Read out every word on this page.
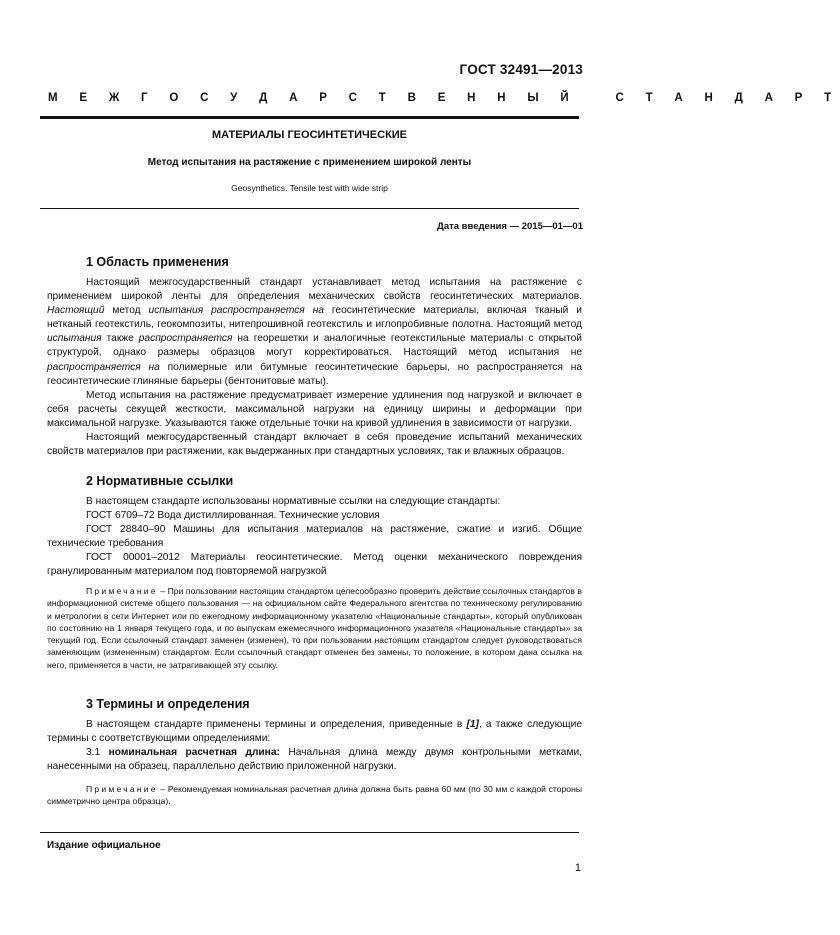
ГОСТ 32491—2013
М Е Ж Г О С У Д А Р С Т В Е Н Н Ы Й   С Т А Н Д А Р Т
МАТЕРИАЛЫ ГЕОСИНТЕТИЧЕСКИЕ
Метод испытания на растяжение с применением широкой ленты
Geosynthetics. Tensile test with wide strip
Дата введения — 2015—01—01
1 Область применения

Настоящий межгосударственный стандарт устанавливает метод испытания на растяжение с применением широкой ленты для определения механических свойств геосинтетических материалов. Настоящий метод испытания распространяется на геосинтетические материалы, включая тканый и нетканый геотекстиль, геокомпозиты, нитепрошивной геотекстиль и иглопробивные полотна. Настоящий метод испытания также распространяется на георешетки и аналогичные геотекстильные материалы с открытой структурой, однако размеры образцов могут корректироваться. Настоящий метод испытания не распространяется на полимерные или битумные геосинтетические барьеры, но распространяется на геосинтетические глиняные барьеры (бентонитовые маты).

Метод испытания на растяжение предусматривает измерение удлинения под нагрузкой и включает в себя расчеты секущей жесткости, максимальной нагрузки на единицу ширины и деформации при максимальной нагрузке. Указываются также отдельные точки на кривой удлинения в зависимости от нагрузки.

Настоящий межгосударственный стандарт включает в себя проведение испытаний механических свойств материалов при растяжении, как выдержанных при стандартных условиях, так и влажных образцов.

2 Нормативные ссылки

В настоящем стандарте использованы нормативные ссылки на следующие стандарты:

ГОСТ 6709–72 Вода дистиллированная. Технические условия

ГОСТ 28840–90 Машины для испытания материалов на растяжение, сжатие и изгиб. Общие технические требования

ГОСТ 00001–2012 Материалы геосинтетические. Метод оценки механического повреждения гранулированным материалом под повторяемой нагрузкой

Примечание – При пользовании настоящим стандартом целесообразно проверить действие ссылочных стандартов в информационной системе общего пользования — на официальном сайте Федерального агентства по техническому регулированию и метрологии в сети Интернет или по ежегодному информационному указателю «Национальные стандарты», который опубликован по состоянию на 1 января текущего года, и по выпускам ежемесячного информационного указателя «Национальные стандарты» за текущий год. Если ссылочный стандарт заменен (изменен), то при пользовании настоящим стандартом следует руководствоваться заменяющим (измененным) стандартом. Если ссылочный стандарт отменен без замены, то положение, в котором дана ссылка на него, применяется в части, не затрагивающей эту ссылку.

3 Термины и определения

В настоящем стандарте применены термины и определения, приведенные в [1], а также следующие термины с соответствующими определениями:

3.1 номинальная расчетная длина: Начальная длина между двумя контрольными метками, нанесенными на образец, параллельно действию приложенной нагрузки.

Примечание – Рекомендуемая номинальная расчетная длина должна быть равна 60 мм (по 30 мм с каждой стороны симметрично центра образца).

Издание официальное
1
